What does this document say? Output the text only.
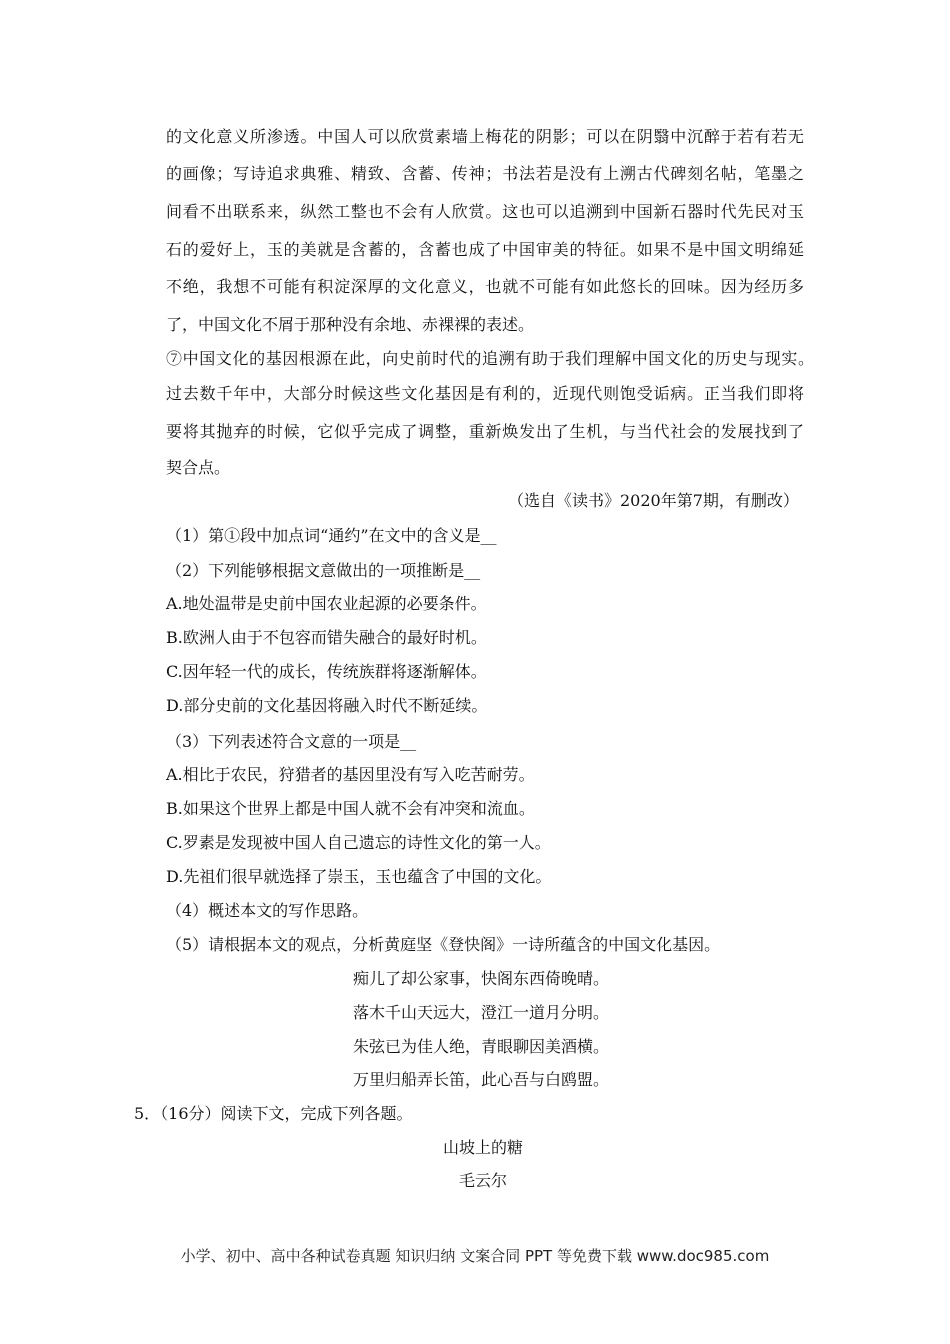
的文化意义所渗透。中国人可以欣赏素墙上梅花的阴影；可以在阴翳中沉醉于若有若无
的画像；写诗追求典雅、精致、含蓄、传神；书法若是没有上溯古代碑刻名帖，笔墨之
间看不出联系来，纵然工整也不会有人欣赏。这也可以追溯到中国新石器时代先民对玉
石的爱好上，玉的美就是含蓄的，含蓄也成了中国审美的特征。如果不是中国文明绵延
不绝，我想不可能有积淀深厚的文化意义，也就不可能有如此悠长的回味。因为经历多
了，中国文化不屑于那种没有余地、赤裸裸的表述。
⑦中国文化的基因根源在此，向史前时代的追溯有助于我们理解中国文化的历史与现实。
过去数千年中，大部分时候这些文化基因是有利的，近现代则饱受诟病。正当我们即将
要将其抛弃的时候，它似乎完成了调整，重新焕发出了生机，与当代社会的发展找到了
契合点。
（选自《读书》2020年第7期，有删改）
（1）第①段中加点词“通约”在文中的含义是__
（2）下列能够根据文意做出的一项推断是__
A.地处温带是史前中国农业起源的必要条件。
B.欧洲人由于不包容而错失融合的最好时机。
C.因年轻一代的成长，传统族群将逐渐解体。
D.部分史前的文化基因将融入时代不断延续。
（3）下列表述符合文意的一项是__
A.相比于农民，狩猎者的基因里没有写入吃苦耐劳。
B.如果这个世界上都是中国人就不会有冲突和流血。
C.罗素是发现被中国人自己遗忘的诗性文化的第一人。
D.先祖们很早就选择了崇玉，玉也蕴含了中国的文化。
（4）概述本文的写作思路。
（5）请根据本文的观点，分析黄庭坚《登快阁》一诗所蕴含的中国文化基因。
痴儿了却公家事，快阁东西倚晚晴。
落木千山天远大，澄江一道月分明。
朱弦已为佳人绝，青眼聊因美酒横。
万里归船弄长笛，此心吾与白鸥盟。
5．（16分）阅读下文，完成下列各题。
山坡上的糖
毛云尔
小学、初中、高中各种试卷真题 知识归纳 文案合同 PPT 等免费下载 www.doc985.com
